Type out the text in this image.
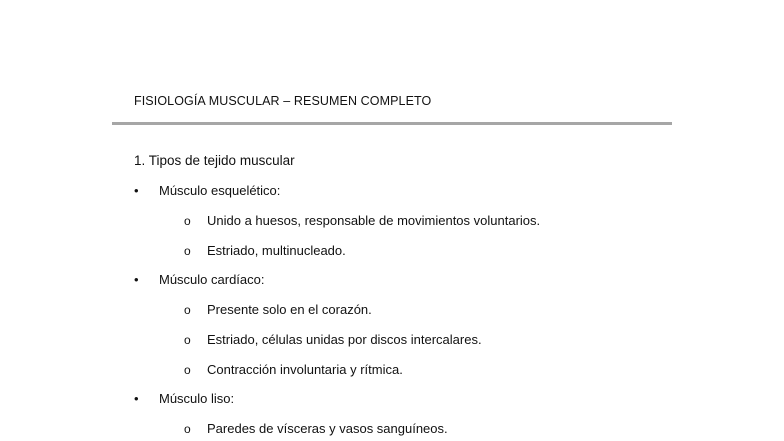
FISIOLOGÍA MUSCULAR – RESUMEN COMPLETO
1. Tipos de tejido muscular
• Músculo esquelético:
o Unido a huesos, responsable de movimientos voluntarios.
o Estriado, multinucleado.
• Músculo cardíaco:
o Presente solo en el corazón.
o Estriado, células unidas por discos intercalares.
o Contracción involuntaria y rítmica.
• Músculo liso:
o Paredes de vísceras y vasos sanguíneos.
